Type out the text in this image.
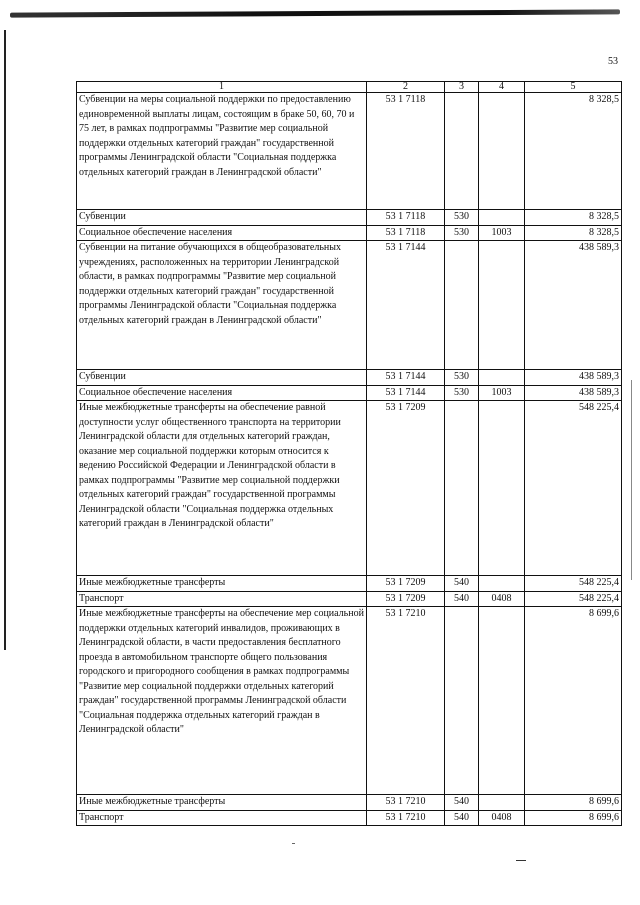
53
1	2	3	4	5
Субвенции на меры социальной поддержки по предоставлению единовременной выплаты лицам, состоящим в браке 50, 60, 70 и 75 лет, в рамках подпрограммы "Развитие мер социальной поддержки отдельных категорий граждан" государственной программы Ленинградской области "Социальная поддержка отдельных категорий граждан в Ленинградской области"	53 1 7118			8 328,5
Субвенции	53 1 7118	530		8 328,5
Социальное обеспечение населения	53 1 7118	530	1003	8 328,5
Субвенции на питание обучающихся в общеобразовательных учреждениях, расположенных на территории Ленинградской области, в рамках подпрограммы "Развитие мер социальной поддержки отдельных категорий граждан" государственной программы Ленинградской области "Социальная поддержка отдельных категорий граждан в Ленинградской области"	53 1 7144			438 589,3
Субвенции	53 1 7144	530		438 589,3
Социальное обеспечение населения	53 1 7144	530	1003	438 589,3
Иные межбюджетные трансферты на обеспечение равной доступности услуг общественного транспорта на территории Ленинградской области для отдельных категорий граждан, оказание мер социальной поддержки которым относится к ведению Российской Федерации и Ленинградской области в рамках подпрограммы "Развитие мер социальной поддержки отдельных категорий граждан" государственной программы Ленинградской области "Социальная поддержка отдельных категорий граждан в Ленинградской области"	53 1 7209			548 225,4
Иные межбюджетные трансферты	53 1 7209	540		548 225,4
Транспорт	53 1 7209	540	0408	548 225,4
Иные межбюджетные трансферты на обеспечение мер социальной поддержки отдельных категорий инвалидов, проживающих в Ленинградской области, в части предоставления бесплатного проезда в автомобильном транспорте общего пользования городского и пригородного сообщения в рамках подпрограммы "Развитие мер социальной поддержки отдельных категорий граждан" государственной программы Ленинградской области "Социальная поддержка отдельных категорий граждан в Ленинградской области"	53 1 7210			8 699,6
Иные межбюджетные трансферты	53 1 7210	540		8 699,6
Транспорт	53 1 7210	540	0408	8 699,6
